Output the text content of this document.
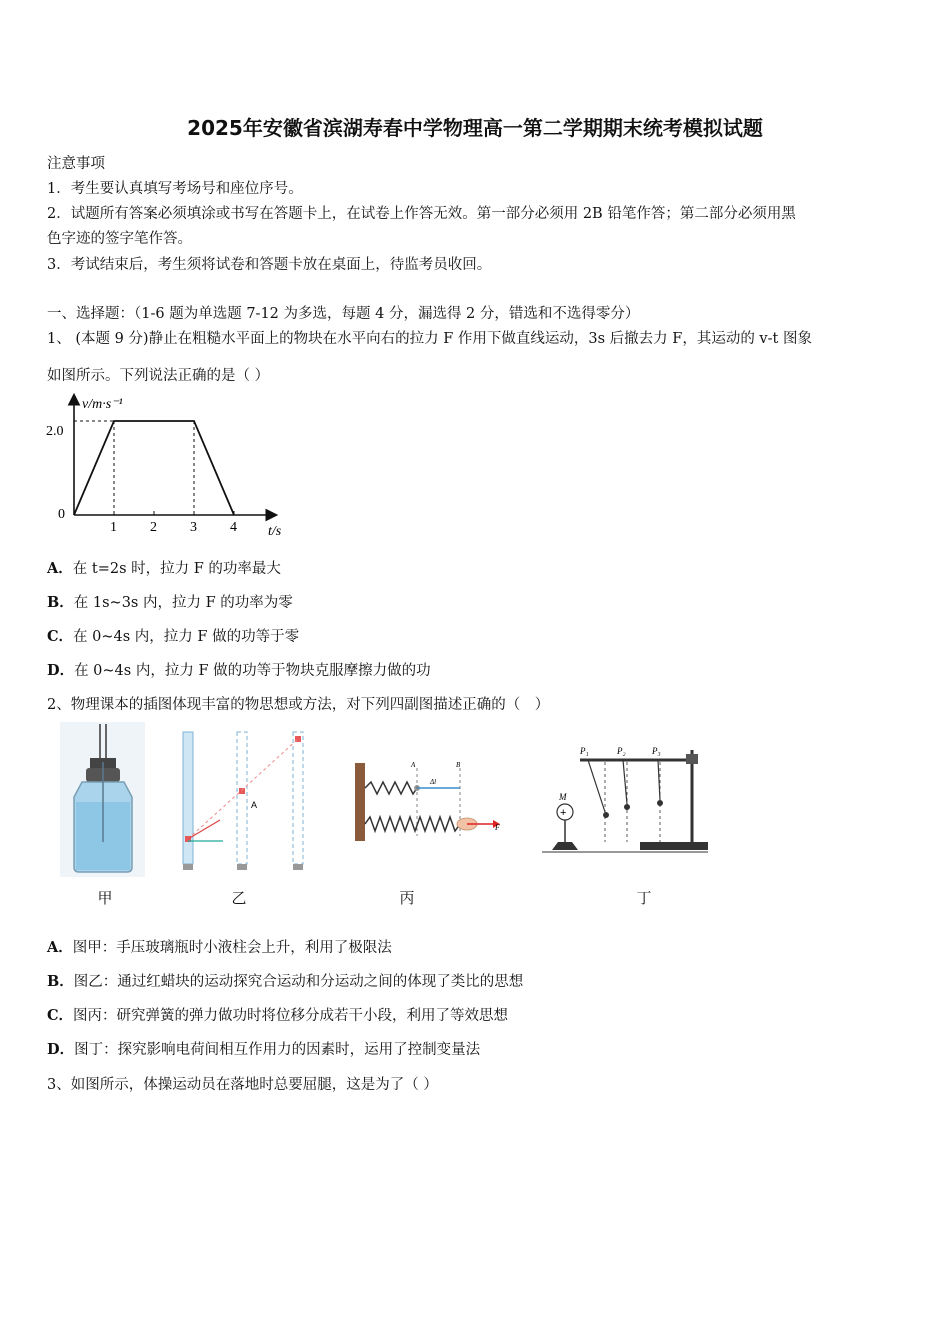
2025年安徽省滨湖寿春中学物理高一第二学期期末统考模拟试题
注意事项
1．考生要认真填写考场号和座位序号。
2．试题所有答案必须填涂或书写在答题卡上，在试卷上作答无效。第一部分必须用 2B 铅笔作答；第二部分必须用黑
色字迹的签字笔作答。
3．考试结束后，考生须将试卷和答题卡放在桌面上，待监考员收回。
一、选择题：（1-6 题为单选题 7-12 为多选，每题 4 分，漏选得 2 分，错选和不选得零分）
1、 (本题 9 分)静止在粗糙水平面上的物块在水平向右的拉力 F 作用下做直线运动，3s 后撤去力 F，其运动的 v-t 图象
如图所示。下列说法正确的是（ ）
v/m·s⁻¹
t/s
0
2.0
1 2 3 4
A．在 t=2s 时，拉力 F 的功率最大
B．在 1s~3s 内，拉力 F 的功率为零
C．在 0~4s 内，拉力 F 做的功等于零
D．在 0~4s 内，拉力 F 做的功等于物块克服摩擦力做的功
2、物理课本的插图体现丰富的物思想或方法，对下列四副图描述正确的（　）
A
A	B
Δl
F
P₁	P₂	P₃
+
M
甲	乙	丙	丁
A．图甲：手压玻璃瓶时小液柱会上升，利用了极限法
B．图乙：通过红蜡块的运动探究合运动和分运动之间的体现了类比的思想
C．图丙：研究弹簧的弹力做功时将位移分成若干小段，利用了等效思想
D．图丁：探究影响电荷间相互作用力的因素时，运用了控制变量法
3、如图所示，体操运动员在落地时总要屈腿，这是为了（ ）
